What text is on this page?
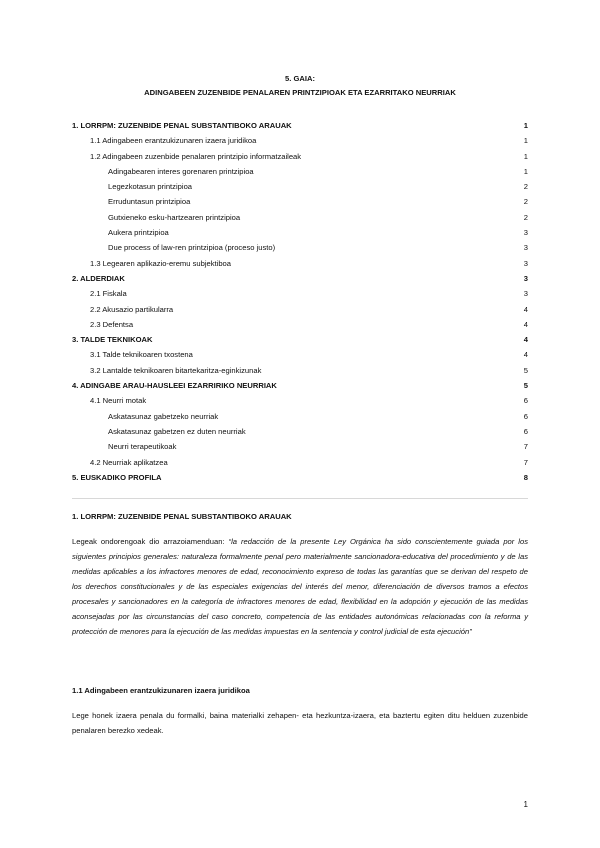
5. GAIA:
ADINGABEEN ZUZENBIDE PENALAREN PRINTZIPIOAK ETA EZARRITAKO NEURRIAK
1. LORRPM: ZUZENBIDE PENAL SUBSTANTIBOKO ARAUAK	1
1.1 Adingabeen erantzukizunaren izaera juridikoa	1
1.2 Adingabeen zuzenbide penalaren printzipio informatzaileak	1
Adingabearen interes gorenaren printzipioa	1
Legezkotasun printzipioa	2
Erruduntasun printzipioa	2
Gutxieneko esku-hartzearen printzipioa	2
Aukera printzipioa	3
Due process of law-ren printzipioa (proceso justo)	3
1.3 Legearen aplikazio-eremu subjektiboa	3
2. ALDERDIAK	3
2.1 Fiskala	3
2.2 Akusazio partikularra	4
2.3 Defentsa	4
3. TALDE TEKNIKOAK	4
3.1 Talde teknikoaren txostena	4
3.2 Lantalde teknikoaren bitartekaritza-eginkizunak	5
4. ADINGABE ARAU-HAUSLEEI EZARRIRIKO NEURRIAK	5
4.1 Neurri motak	6
Askatasunaz gabetzeko neurriak	6
Askatasunaz gabetzen ez duten neurriak	6
Neurri terapeutikoak	7
4.2 Neurriak aplikatzea	7
5. EUSKADIKO PROFILA	8
1. LORRPM: ZUZENBIDE PENAL SUBSTANTIBOKO ARAUAK
Legeak ondorengoak dio arrazoiamenduan: “la redacción de la presente Ley Orgánica ha sido conscientemente guiada por los siguientes principios generales: naturaleza formalmente penal pero materialmente sancionadora-educativa del procedimiento y de las medidas aplicables a los infractores menores de edad, reconocimiento expreso de todas las garantías que se derivan del respeto de los derechos constitucionales y de las especiales exigencias del interés del menor, diferenciación de diversos tramos a efectos procesales y sancionadores en la categoría de infractores menores de edad, flexibilidad en la adopción y ejecución de las medidas aconsejadas por las circunstancias del caso concreto, competencia de las entidades autonómicas relacionadas con la reforma y protección de menores para la ejecución de las medidas impuestas en la sentencia y control judicial de esta ejecución”
1.1 Adingabeen erantzukizunaren izaera juridikoa
Lege honek izaera penala du formalki, baina materialki zehapen- eta hezkuntza-izaera, eta baztertu egiten ditu helduen zuzenbide penalaren berezko xedeak.
1
